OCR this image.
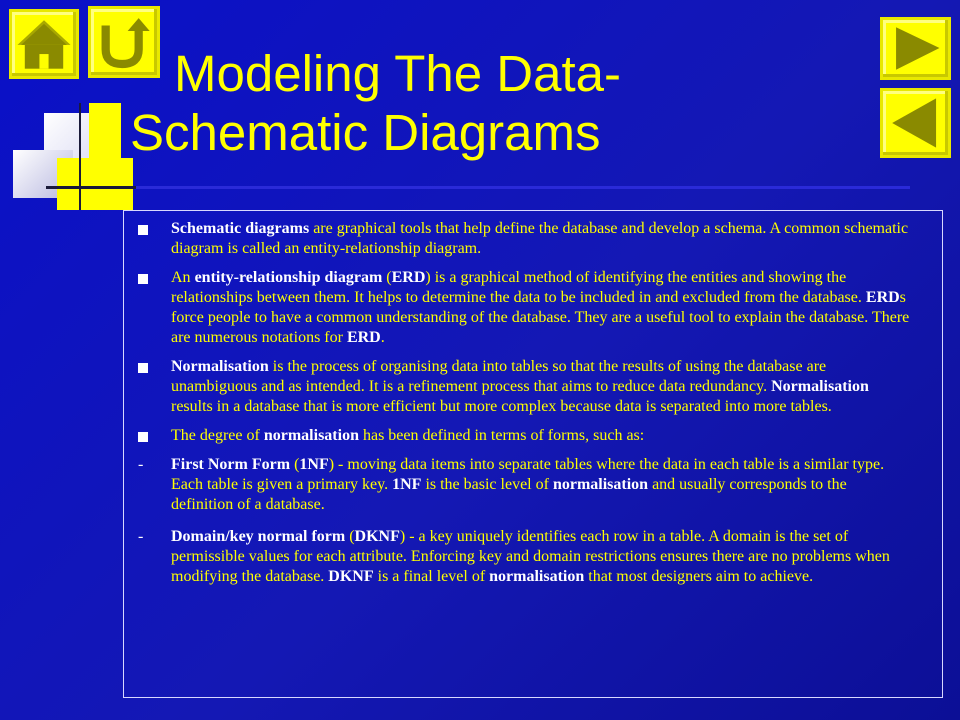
Modeling The Data-
Schematic Diagrams
Schematic diagrams are graphical tools that help define the database and develop a schema. A common schematic diagram is called an entity-relationship diagram.
An entity-relationship diagram (ERD) is a graphical method of identifying the entities and showing the relationships between them. It helps to determine the data to be included in and excluded from the database. ERDs force people to have a common understanding of the database. They are a useful tool to explain the database. There are numerous notations for ERD.
Normalisation is the process of organising data into tables so that the results of using the database are unambiguous and as intended. It is a refinement process that aims to reduce data redundancy. Normalisation results in a database that is more efficient but more complex because data is separated into more tables.
The degree of normalisation has been defined in terms of forms, such as:
- First Norm Form (1NF) - moving data items into separate tables where the data in each table is a similar type. Each table is given a primary key. 1NF is the basic level of normalisation and usually corresponds to the definition of a database.
- Domain/key normal form (DKNF) - a key uniquely identifies each row in a table. A domain is the set of permissible values for each attribute. Enforcing key and domain restrictions ensures there are no problems when modifying the database. DKNF is a final level of normalisation that most designers aim to achieve.
